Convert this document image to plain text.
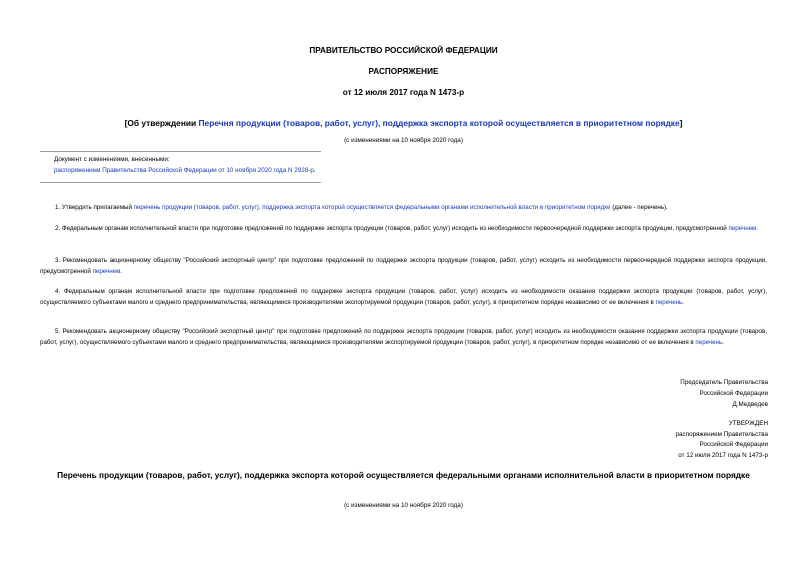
ПРАВИТЕЛЬСТВО РОССИЙСКОЙ ФЕДЕРАЦИИ
РАСПОРЯЖЕНИЕ
от 12 июля 2017 года N 1473-р
[Об утверждении Перечня продукции (товаров, работ, услуг), поддержка экспорта которой осуществляется в приоритетном порядке]
(с изменениями на 10 ноября 2020 года)
Документ с изменениями, внесенными:
распоряжением Правительства Российской Федерации от 10 ноября 2020 года N 2928-р.
1. Утвердить прилагаемый перечень продукции (товаров, работ, услуг), поддержка экспорта которой осуществляется федеральными органами исполнительной власти в приоритетном порядке (далее - перечень).
2. Федеральным органам исполнительной власти при подготовке предложений по поддержке экспорта продукции (товаров, работ, услуг) исходить из необходимости первоочередной поддержки экспорта продукции, предусмотренной перечнем.
3. Рекомендовать акционерному обществу "Российский экспортный центр" при подготовке предложений по поддержке экспорта продукции (товаров, работ, услуг) исходить из необходимости первоочередной поддержки экспорта продукции, предусмотренной перечнем.
4. Федеральным органам исполнительной власти при подготовке предложений по поддержке экспорта продукции (товаров, работ, услуг) исходить из необходимости оказания поддержки экспорта продукции (товаров, работ, услуг), осуществляемого субъектами малого и среднего предпринимательства, являющимися производителями экспортируемой продукции (товаров, работ, услуг), в приоритетном порядке независимо от ее включения в перечень.
5. Рекомендовать акционерному обществу "Российский экспортный центр" при подготовке предложений по поддержке экспорта продукции (товаров, работ, услуг) исходить из необходимости оказания поддержки экспорта продукции (товаров, работ, услуг), осуществляемого субъектами малого и среднего предпринимательства, являющимися производителями экспортируемой продукции (товаров, работ, услуг), в приоритетном порядке независимо от ее включения в перечень.
Председатель Правительства
Российской Федерации
Д.Медведев
УТВЕРЖДЕН
распоряжением Правительства
Российской Федерации
от 12 июля 2017 года N 1473-р
Перечень продукции (товаров, работ, услуг), поддержка экспорта которой осуществляется федеральными органами исполнительной власти в приоритетном порядке
(с изменениями на 10 ноября 2020 года)
